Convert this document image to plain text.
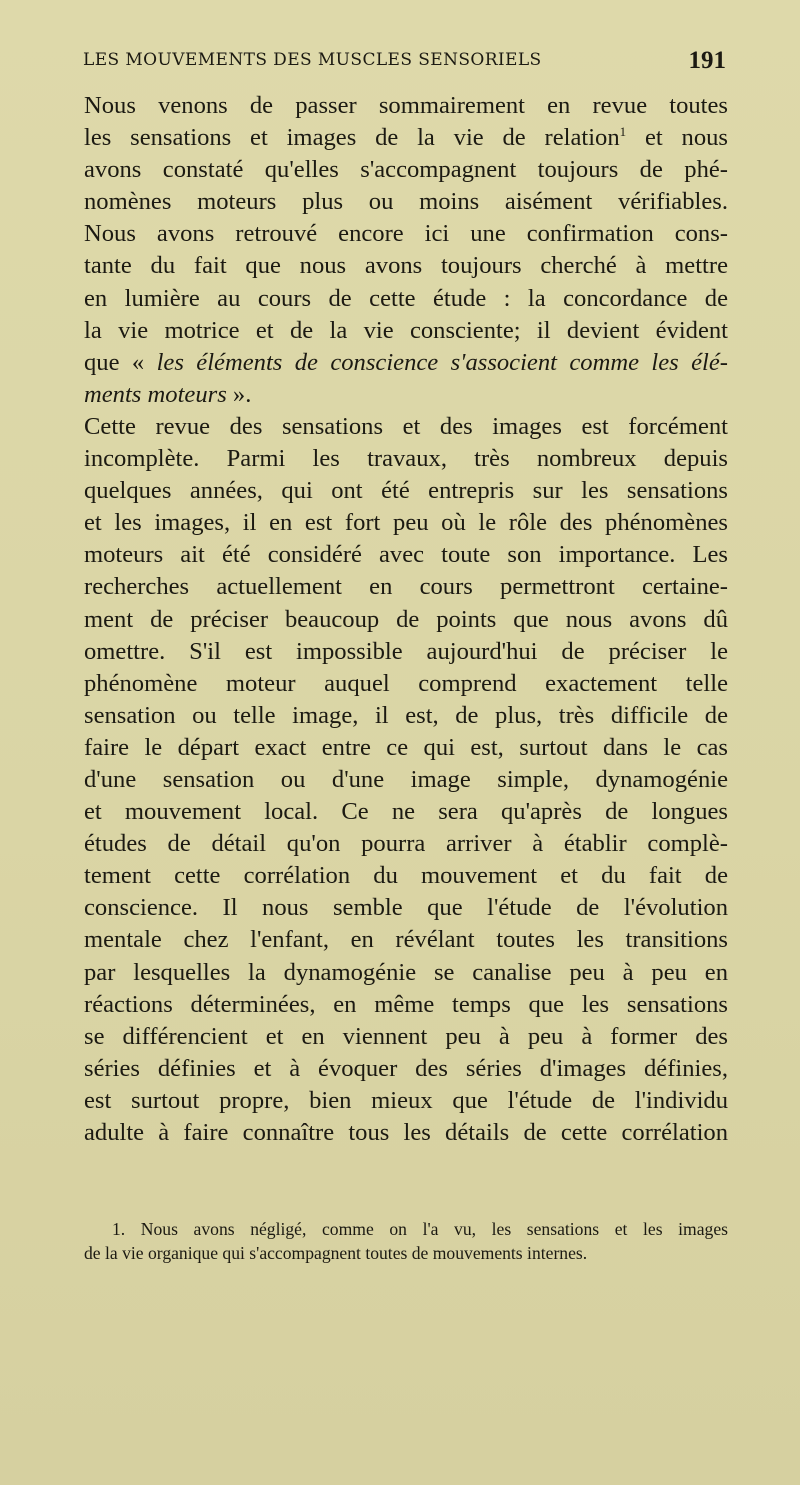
LES MOUVEMENTS DES MUSCLES SENSORIELS	191
Nous venons de passer sommairement en revue toutes
les sensations et images de la vie de relation$^1$ et nous
avons constaté qu'elles s'accompagnent toujours de phé-
nomènes moteurs plus ou moins aisément vérifiables.
Nous avons retrouvé encore ici une confirmation cons-
tante du fait que nous avons toujours cherché à mettre
en lumière au cours de cette étude : la concordance de
la vie motrice et de la vie consciente; il devient évident
que « les éléments de conscience s'associent comme les élé-
ments moteurs ».
Cette revue des sensations et des images est forcément
incomplète. Parmi les travaux, très nombreux depuis
quelques années, qui ont été entrepris sur les sensations
et les images, il en est fort peu où le rôle des phénomènes
moteurs ait été considéré avec toute son importance. Les
recherches actuellement en cours permettront certaine-
ment de préciser beaucoup de points que nous avons dû
omettre. S'il est impossible aujourd'hui de préciser le
phénomène moteur auquel comprend exactement telle
sensation ou telle image, il est, de plus, très difficile de
faire le départ exact entre ce qui est, surtout dans le cas
d'une sensation ou d'une image simple, dynamogénie
et mouvement local. Ce ne sera qu'après de longues
études de détail qu'on pourra arriver à établir complè-
tement cette corrélation du mouvement et du fait de
conscience. Il nous semble que l'étude de l'évolution
mentale chez l'enfant, en révélant toutes les transitions
par lesquelles la dynamogénie se canalise peu à peu en
réactions déterminées, en même temps que les sensations
se différencient et en viennent peu à peu à former des
séries définies et à évoquer des séries d'images définies,
est surtout propre, bien mieux que l'étude de l'individu
adulte à faire connaître tous les détails de cette corrélation
1. Nous avons négligé, comme on l'a vu, les sensations et les images
de la vie organique qui s'accompagnent toutes de mouvements internes.
